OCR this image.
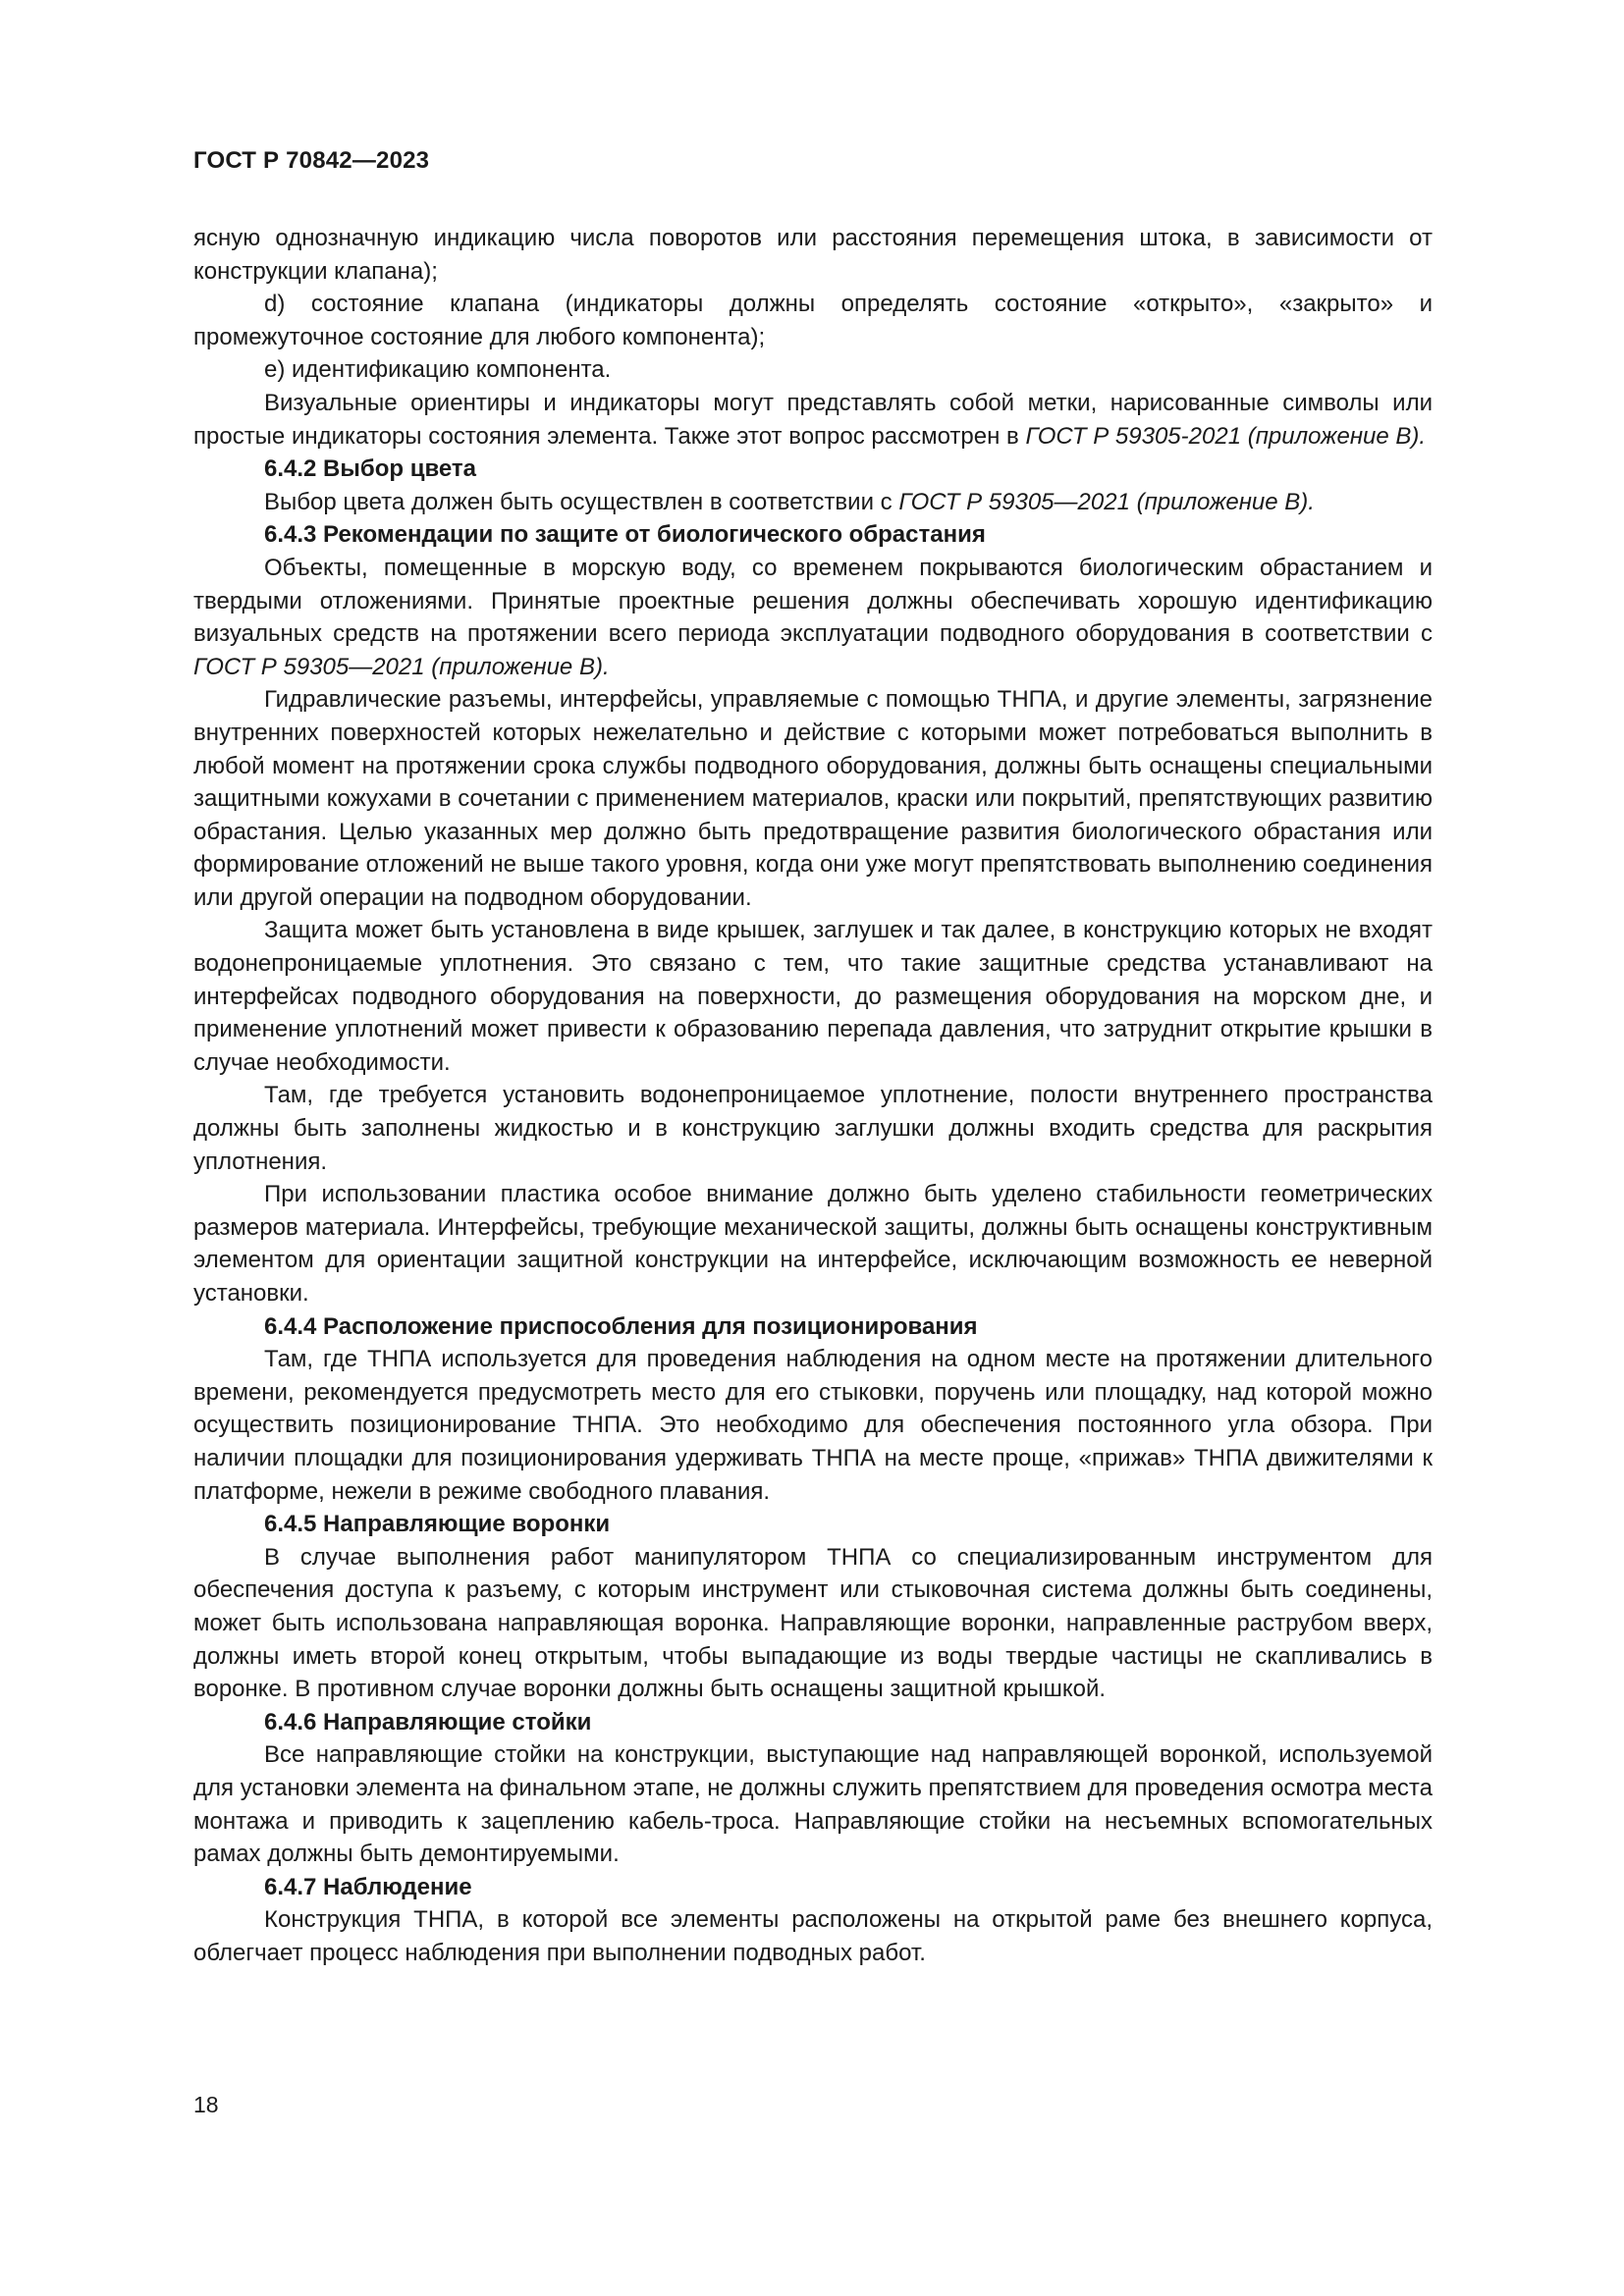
ГОСТ Р 70842—2023

ясную однозначную индикацию числа поворотов или расстояния перемещения штока, в зависимости от конструкции клапана);

d) состояние клапана (индикаторы должны определять состояние «открыто», «закрыто» и промежуточное состояние для любого компонента);

е) идентификацию компонента.

Визуальные ориентиры и индикаторы могут представлять собой метки, нарисованные символы или простые индикаторы состояния элемента. Также этот вопрос рассмотрен в ГОСТ Р 59305-2021 (приложение В).

6.4.2 Выбор цвета

Выбор цвета должен быть осуществлен в соответствии с ГОСТ Р 59305—2021 (приложение В).

6.4.3 Рекомендации по защите от биологического обрастания

Объекты, помещенные в морскую воду, со временем покрываются биологическим обрастанием и твердыми отложениями. Принятые проектные решения должны обеспечивать хорошую идентификацию визуальных средств на протяжении всего периода эксплуатации подводного оборудования в соответствии с ГОСТ Р 59305—2021 (приложение В).

Гидравлические разъемы, интерфейсы, управляемые с помощью ТНПА, и другие элементы, загрязнение внутренних поверхностей которых нежелательно и действие с которыми может потребоваться выполнить в любой момент на протяжении срока службы подводного оборудования, должны быть оснащены специальными защитными кожухами в сочетании с применением материалов, краски или покрытий, препятствующих развитию обрастания. Целью указанных мер должно быть предотвращение развития биологического обрастания или формирование отложений не выше такого уровня, когда они уже могут препятствовать выполнению соединения или другой операции на подводном оборудовании.

Защита может быть установлена в виде крышек, заглушек и так далее, в конструкцию которых не входят водонепроницаемые уплотнения. Это связано с тем, что такие защитные средства устанавливают на интерфейсах подводного оборудования на поверхности, до размещения оборудования на морском дне, и применение уплотнений может привести к образованию перепада давления, что затруднит открытие крышки в случае необходимости.

Там, где требуется установить водонепроницаемое уплотнение, полости внутреннего пространства должны быть заполнены жидкостью и в конструкцию заглушки должны входить средства для раскрытия уплотнения.

При использовании пластика особое внимание должно быть уделено стабильности геометрических размеров материала. Интерфейсы, требующие механической защиты, должны быть оснащены конструктивным элементом для ориентации защитной конструкции на интерфейсе, исключающим возможность ее неверной установки.

6.4.4 Расположение приспособления для позиционирования

Там, где ТНПА используется для проведения наблюдения на одном месте на протяжении длительного времени, рекомендуется предусмотреть место для его стыковки, поручень или площадку, над которой можно осуществить позиционирование ТНПА. Это необходимо для обеспечения постоянного угла обзора. При наличии площадки для позиционирования удерживать ТНПА на месте проще, «прижав» ТНПА движителями к платформе, нежели в режиме свободного плавания.

6.4.5 Направляющие воронки

В случае выполнения работ манипулятором ТНПА со специализированным инструментом для обеспечения доступа к разъему, с которым инструмент или стыковочная система должны быть соединены, может быть использована направляющая воронка. Направляющие воронки, направленные раструбом вверх, должны иметь второй конец открытым, чтобы выпадающие из воды твердые частицы не скапливались в воронке. В противном случае воронки должны быть оснащены защитной крышкой.

6.4.6 Направляющие стойки

Все направляющие стойки на конструкции, выступающие над направляющей воронкой, используемой для установки элемента на финальном этапе, не должны служить препятствием для проведения осмотра места монтажа и приводить к зацеплению кабель-троса. Направляющие стойки на несъемных вспомогательных рамах должны быть демонтируемыми.

6.4.7 Наблюдение

Конструкция ТНПА, в которой все элементы расположены на открытой раме без внешнего корпуса, облегчает процесс наблюдения при выполнении подводных работ.

18
